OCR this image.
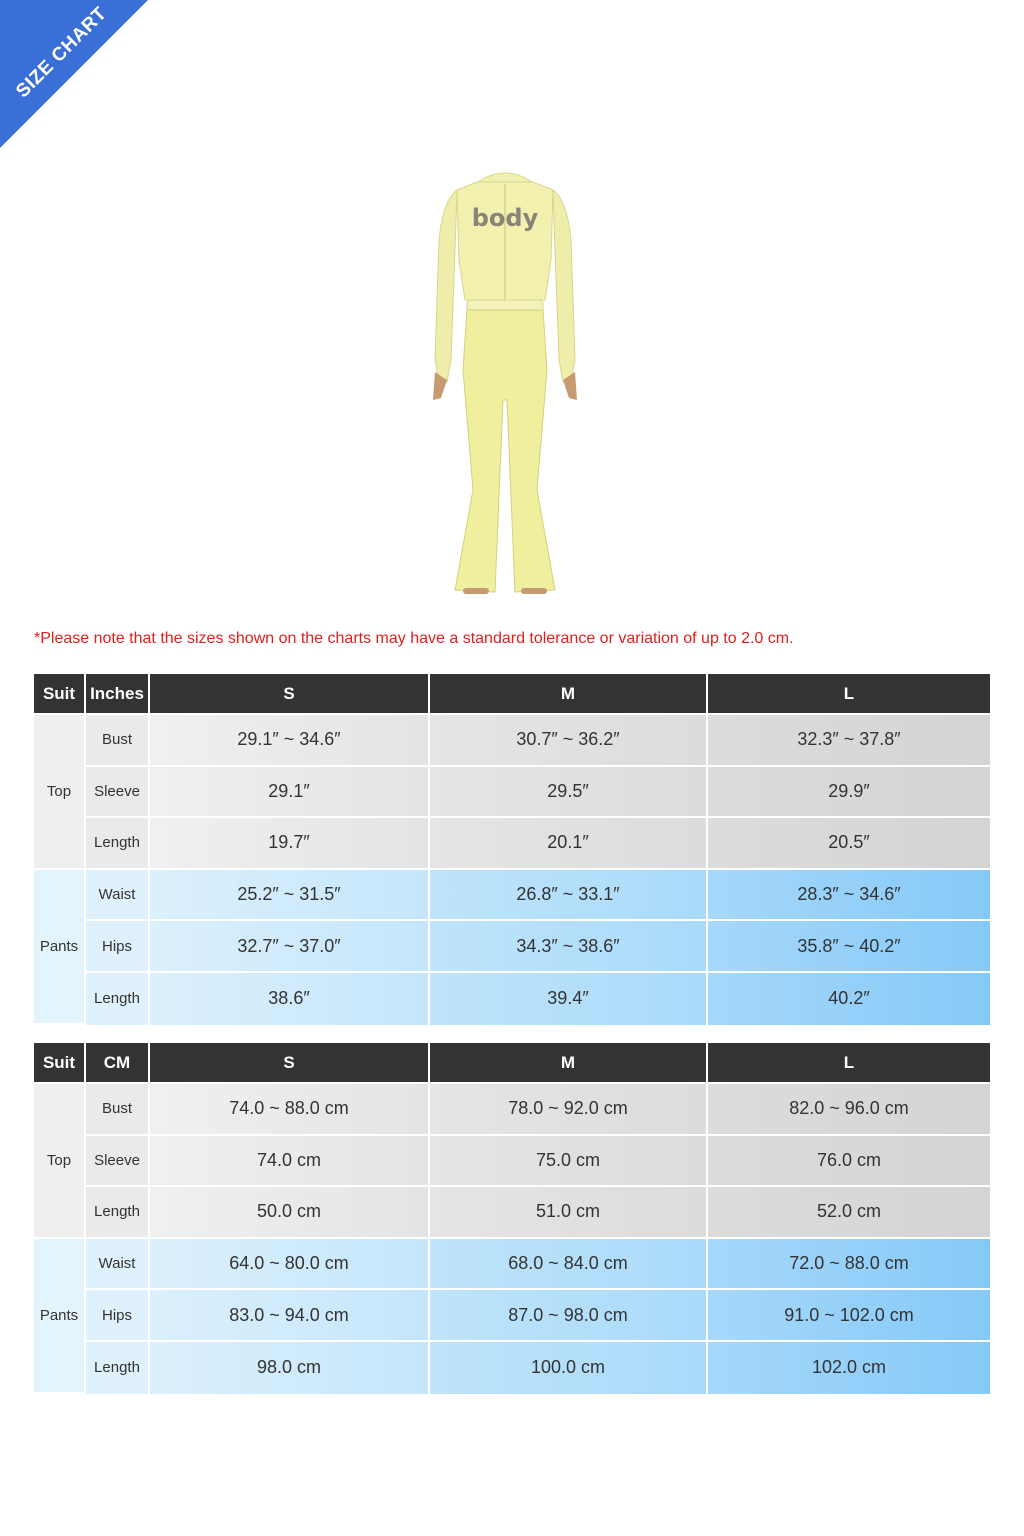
SIZE CHART
body
*Please note that the sizes shown on the charts may have a standard tolerance or variation of up to 2.0 cm.
Suit	Inches	S	M	L
Top	Bust	29.1″ ~ 34.6″	30.7″ ~ 36.2″	32.3″ ~ 37.8″
	Sleeve	29.1″	29.5″	29.9″
	Length	19.7″	20.1″	20.5″
Pants	Waist	25.2″ ~ 31.5″	26.8″ ~ 33.1″	28.3″ ~ 34.6″
	Hips	32.7″ ~ 37.0″	34.3″ ~ 38.6″	35.8″ ~ 40.2″
	Length	38.6″	39.4″	40.2″
Suit	CM	S	M	L
Top	Bust	74.0 ~ 88.0 cm	78.0 ~ 92.0 cm	82.0 ~ 96.0 cm
	Sleeve	74.0 cm	75.0 cm	76.0 cm
	Length	50.0 cm	51.0 cm	52.0 cm
Pants	Waist	64.0 ~ 80.0 cm	68.0 ~ 84.0 cm	72.0 ~ 88.0 cm
	Hips	83.0 ~ 94.0 cm	87.0 ~ 98.0 cm	91.0 ~ 102.0 cm
	Length	98.0 cm	100.0 cm	102.0 cm
